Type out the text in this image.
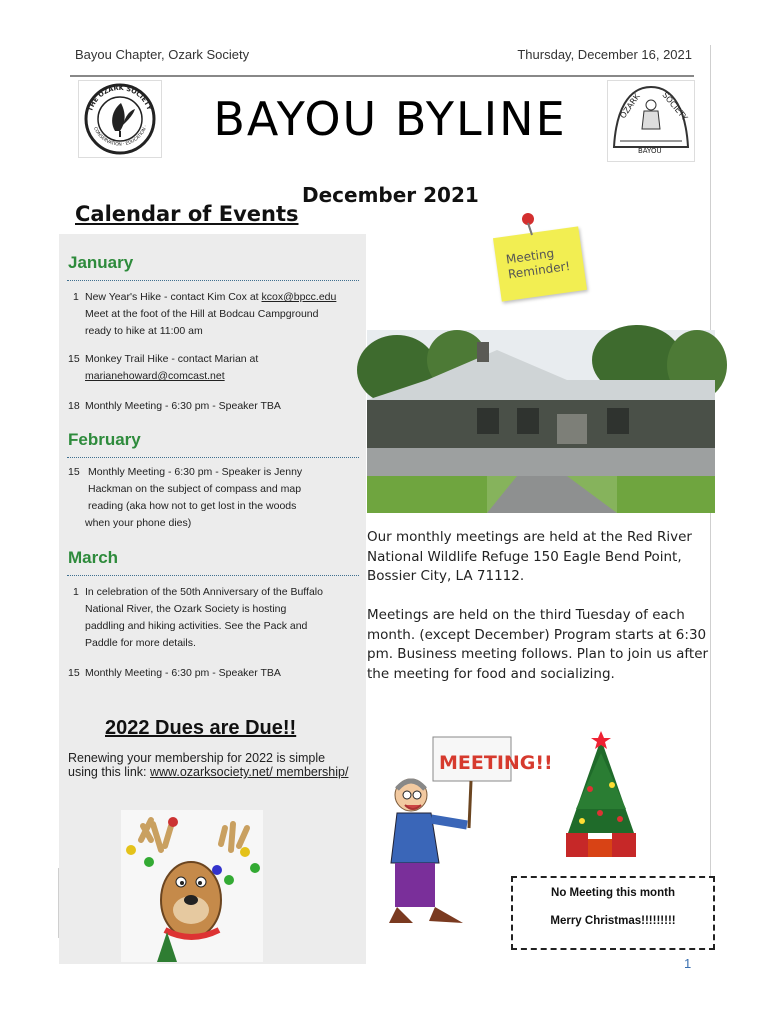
Bayou Chapter, Ozark Society	Thursday, December 16, 2021
THE OZARK SOCIETY
CONSERVATION · EDUCATION ·	BAYOU BYLINE	OZARK SOCIETY
BAYOU
December 2021
Calendar of Events
January
1 New Year's Hike - contact Kim Cox at kcox@bpcc.edu
Meet at the foot of the Hill at Bodcau Campground
ready to hike at 11:00 am
15 Monkey Trail Hike - contact Marian at
marianehoward@comcast.net
18 Monthly Meeting - 6:30 pm - Speaker TBA
February
15 Monthly Meeting - 6:30 pm - Speaker is Jenny
Hackman on the subject of compass and map
reading (aka how not to get lost in the woods
when your phone dies)
March
1 In celebration of the 50th Anniversary of the Buffalo
National River, the Ozark Society is hosting
paddling and hiking activities. See the Pack and
Paddle for more details.
15 Monthly Meeting - 6:30 pm - Speaker TBA
2022 Dues are Due!!
Renewing your membership for 2022 is simple using this link: www.ozarksociety.net/ membership/
Meeting Reminder!
Our monthly meetings are held at the Red River National Wildlife Refuge 150 Eagle Bend Point, Bossier City, LA 71112.
Meetings are held on the third Tuesday of each month. (except December) Program starts at 6:30 pm. Business meeting follows. Plan to join us after the meeting for food and socializing.
MEETING!!
No Meeting this month
Merry Christmas!!!!!!!!!
1
